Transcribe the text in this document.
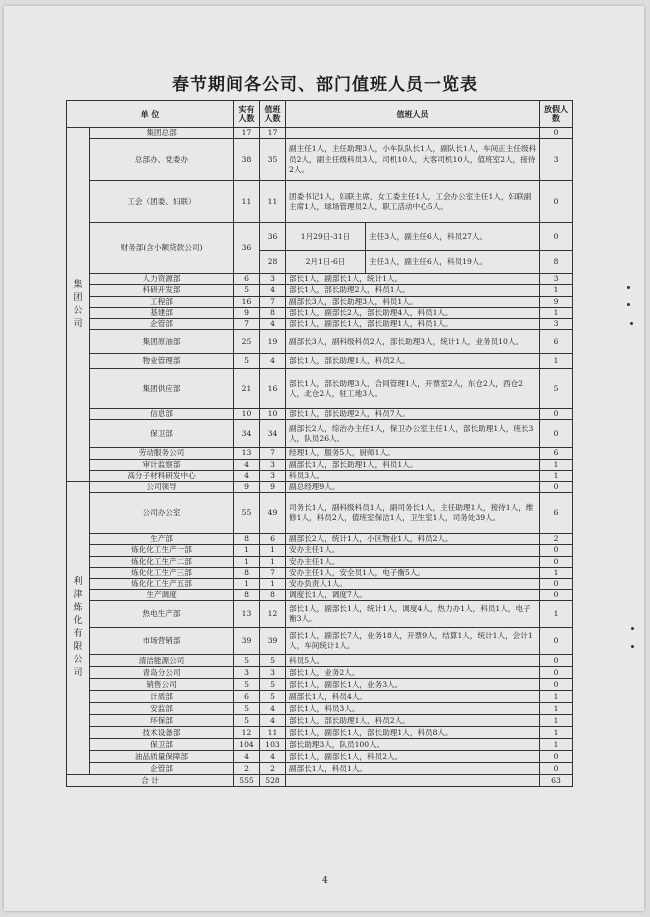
春节期间各公司、部门值班人员一览表
单 位		实有人数	值班人数	值班人员		放假人数
集团公司	集团总部	17	17			0
	总部办、党委办	38	35	副主任1人，主任助理3人，小车队队长1人，副队长1人，车间正主任级科员2人，副主任级科员3人，司机10人，大客司机10人，值班室2人，接待2人。		3
	工会（团委、妇联）	11	11	团委书记1人，妇联主席、女工委主任1人，工会办公室主任1人，妇联副主席1人，球场管理员2人，职工活动中心5人。		0
	财务部(含小额贷款公司)	36	36	1月29日-31日	主任3人，副主任6人，科员27人。	0
			28	2月1日-6日	主任3人，副主任6人，科员19人。	8
	人力资源部	6	3	部长1人，副部长1人，统计1人。		3
	科研开发部	5	4	部长1人，部长助理2人，科员1人。		1
	工程部	16	7	副部长3人，部长助理3人，科员1人。		9
	基建部	9	8	部长1人，副部长2人，部长助理4人，科员1人。		1
	企管部	7	4	部长1人，副部长1人，部长助理1人，科员1人。		3
	集团原油部	25	19	副部长3人，副科级科员2人，部长助理3人，统计1人，业务员10人。		6
	物业管理部	5	4	部长1人，部长助理1人，科员2人。		1
	集团供应部	21	16	部长1人，部长助理3人，合同管理1人，开票室2人，东仓2人，西仓2人，北仓2人，驻工地3人。		5
	信息部	10	10	部长1人，部长助理2人，科员7人。		0
	保卫部	34	34	副部长2人，综治办主任1人，保卫办公室主任1人，部长助理1人，班长3人，队员26人。		0
	劳动服务公司	13	7	经理1人，服务5人，厨师1人。		6
	审计监察部	4	3	副部长1人，部长助理1人，科员1人。		1
	高分子材料研发中心	4	3	科员3人。		1
利津炼化有限公司	公司领导	9	9	副总经理9人。		0
	公司办公室	55	49	司务长1人，副科级科员1人，副司务长1人，主任助理1人，接待1人，维修1人，科员2人，值班室保洁1人，卫生室1人，司务处39人。		6
	生产部	8	6	副部长2人，统计1人，小区物业1人，科员2人。		2
	炼化化工生产一部	1	1	安办主任1人。		0
	炼化化工生产二部	1	1	安办主任1人。		0
	炼化化工生产三部	8	7	安办主任1人，安全员1人，电子衡5人。		1
	炼化化工生产五部	1	1	安办负责人1人。		0
	生产调度	8	8	调度长1人，调度7人。		0
	热电生产部	13	12	部长1人，副部长1人，统计1人，调度4人，热力办1人，科员1人，电子衡3人。		1
	市场营销部	39	39	部长1人，副部长7人，业务18人，开票9人，结算1人，统计1人，会计1人，车间统计1人。		0
	清洁能源公司	5	5	科员5人。		0
	青岛分公司	3	3	部长1人，业务2人。		0
	销售公司	5	5	部长1人，副部长1人，业务3人。		0
	计质部	6	5	副部长1人，科员4人。		1
	安监部	5	4	部长1人，科员3人。		1
	环保部	5	4	部长1人，部长助理1人，科员2人。		1
	技术设备部	12	11	部长1人，副部长1人，部长助理1人，科员8人。		1
	保卫部	104	103	部长助理3人，队员100人。		1
	油品质量保障部	4	4	部长1人，副部长1人，科员2人。		0
	企管部	2	2	副部长1人，科员1人。		0
合 计		555	528			63
4
